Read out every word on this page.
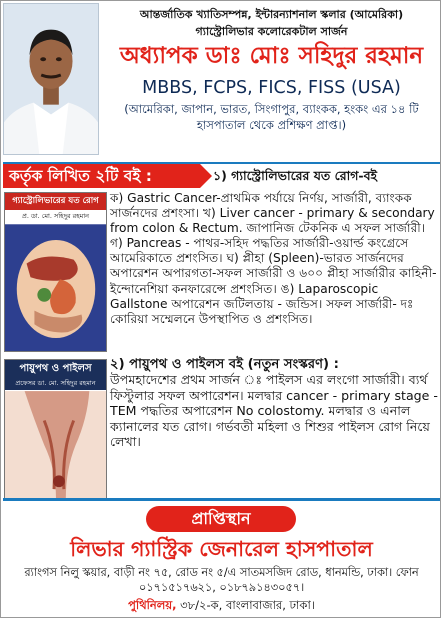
আন্তর্জাতিক খ্যাতিসম্পন্ন, ইন্টারন্যাশনাল স্কলার (আমেরিকা)
গ্যাস্ট্রোলিভার কলোরেকটাল সার্জন
অধ্যাপক ডাঃ মোঃ সহিদুর রহমান
MBBS, FCPS, FICS, FISS (USA)
(আমেরিকা, জাপান, ভারত, সিংগাপুর, ব্যাংকক, হংকং এর ১৪ টি হাসপাতাল থেকে প্রশিক্ষণ প্রাপ্ত।)
কর্তৃক লিখিত ২টি বই :	১) গ্যাস্ট্রোলিভারের যত রোগ-বই
গ্যাস্ট্রোলিভারের যত রোগ
প্র. ডা. মো. সহিদুর রহমান
ক) Gastric Cancer-প্রাথমিক পর্যায়ে নির্ণয়, সার্জারী, ব্যাংকক সার্জনদের প্রশংসা। খ) Liver cancer - primary & secondary from colon & Rectum. জাপানিজ টেকনিক এ সফল সার্জারী। গ) Pancreas - পাথর-সহিদ পদ্ধতির সার্জারী-ওয়ার্ল্ড কংগ্রেসে আমেরিকাতে প্রশংসিত। ঘ) প্লীহা (Spleen)-ভারত সার্জনদের অপারেশন অপারগতা-সফল সার্জারী ও ৬০০ প্লীহা সার্জারীর কাহিনী-ইন্দোনেশিয়া কনফারেন্সে প্রশংসিত। ঙ) Laparoscopic Gallstone অপারেশন জটিলতায় - জন্ডিস। সফল সার্জারী- দঃ কোরিয়া সম্মেলনে উপস্থাপিত ও প্রশংসিত।
পায়ুপথ ও পাইলস
প্রফেসর ডা. মো. সহিদুর রহমান
২) পায়ুপথ ও পাইলস বই (নতুন সংস্করণ) :
উপমহাদেশের প্রথম সার্জন ঃ পাইলস এর লংগো সার্জারী। ব্যর্থ ফিস্টুলার সফল অপারেশন। মলদ্বার cancer - primary stage - TEM পদ্ধতির অপারেশন No colostomy. মলদ্বার ও এনাল ক্যানালের যত রোগ। গর্ভবতী মহিলা ও শিশুর পাইলস রোগ নিয়ে লেখা।
প্রাপ্তিস্থান
লিভার গ্যাস্ট্রিক জেনারেল হাসপাতাল
র‍্যাংগস নিলু স্কয়ার, বাড়ী নং ৭৫, রোড নং ৫/এ সাতমসজিদ রোড, ধানমন্ডি, ঢাকা। ফোন ০১৭১৫১৭৬২১, ০১৮৭৯১৪৩০৫৭।
পুথিনিলয়, ৩৮/২-ক, বাংলাবাজার, ঢাকা।
